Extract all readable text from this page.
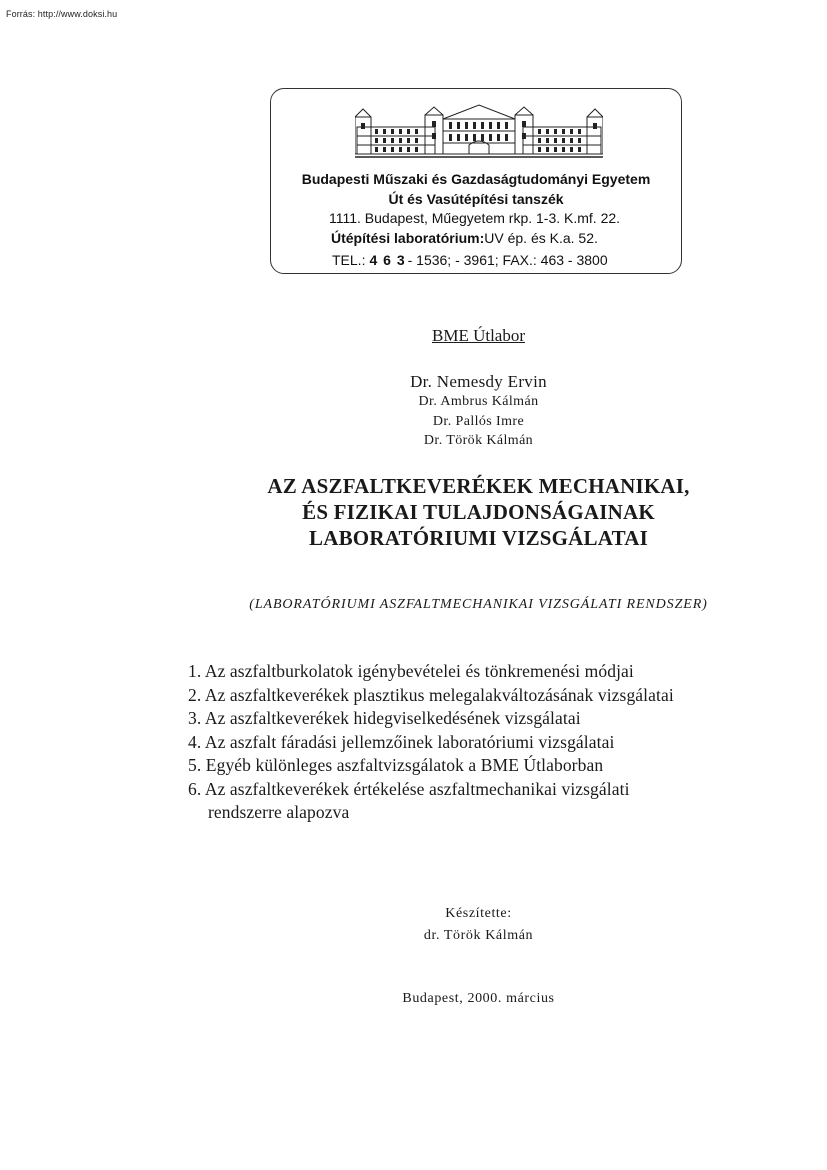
Forrás: http://www.doksi.hu
Budapesti Műszaki és Gazdaságtudományi Egyetem
Út és Vasútépítési tanszék
1111. Budapest, Műegyetem rkp. 1-3. K.mf. 22.
Útépítési laboratórium:UV ép. és K.a. 52.
TEL.: 4 6 3 - 1536; - 3961; FAX.: 463 - 3800
BME Útlabor
Dr. Nemesdy Ervin
Dr. Ambrus Kálmán
Dr. Pallós Imre
Dr. Török Kálmán
AZ ASZFALTKEVERÉKEK MECHANIKAI,
ÉS FIZIKAI TULAJDONSÁGAINAK
LABORATÓRIUMI VIZSGÁLATAI
(LABORATÓRIUMI ASZFALTMECHANIKAI VIZSGÁLATI RENDSZER)
1. Az aszfaltburkolatok igénybevételei és tönkremenési módjai
2. Az aszfaltkeverékek plasztikus melegalakváltozásának vizsgálatai
3. Az aszfaltkeverékek hidegviselkedésének vizsgálatai
4. Az aszfalt fáradási jellemzőinek laboratóriumi vizsgálatai
5. Egyéb különleges aszfaltvizsgálatok a BME Útlaborban
6. Az aszfaltkeverékek értékelése aszfaltmechanikai vizsgálati
rendszerre alapozva
Készítette:
dr. Török Kálmán
Budapest, 2000. március
